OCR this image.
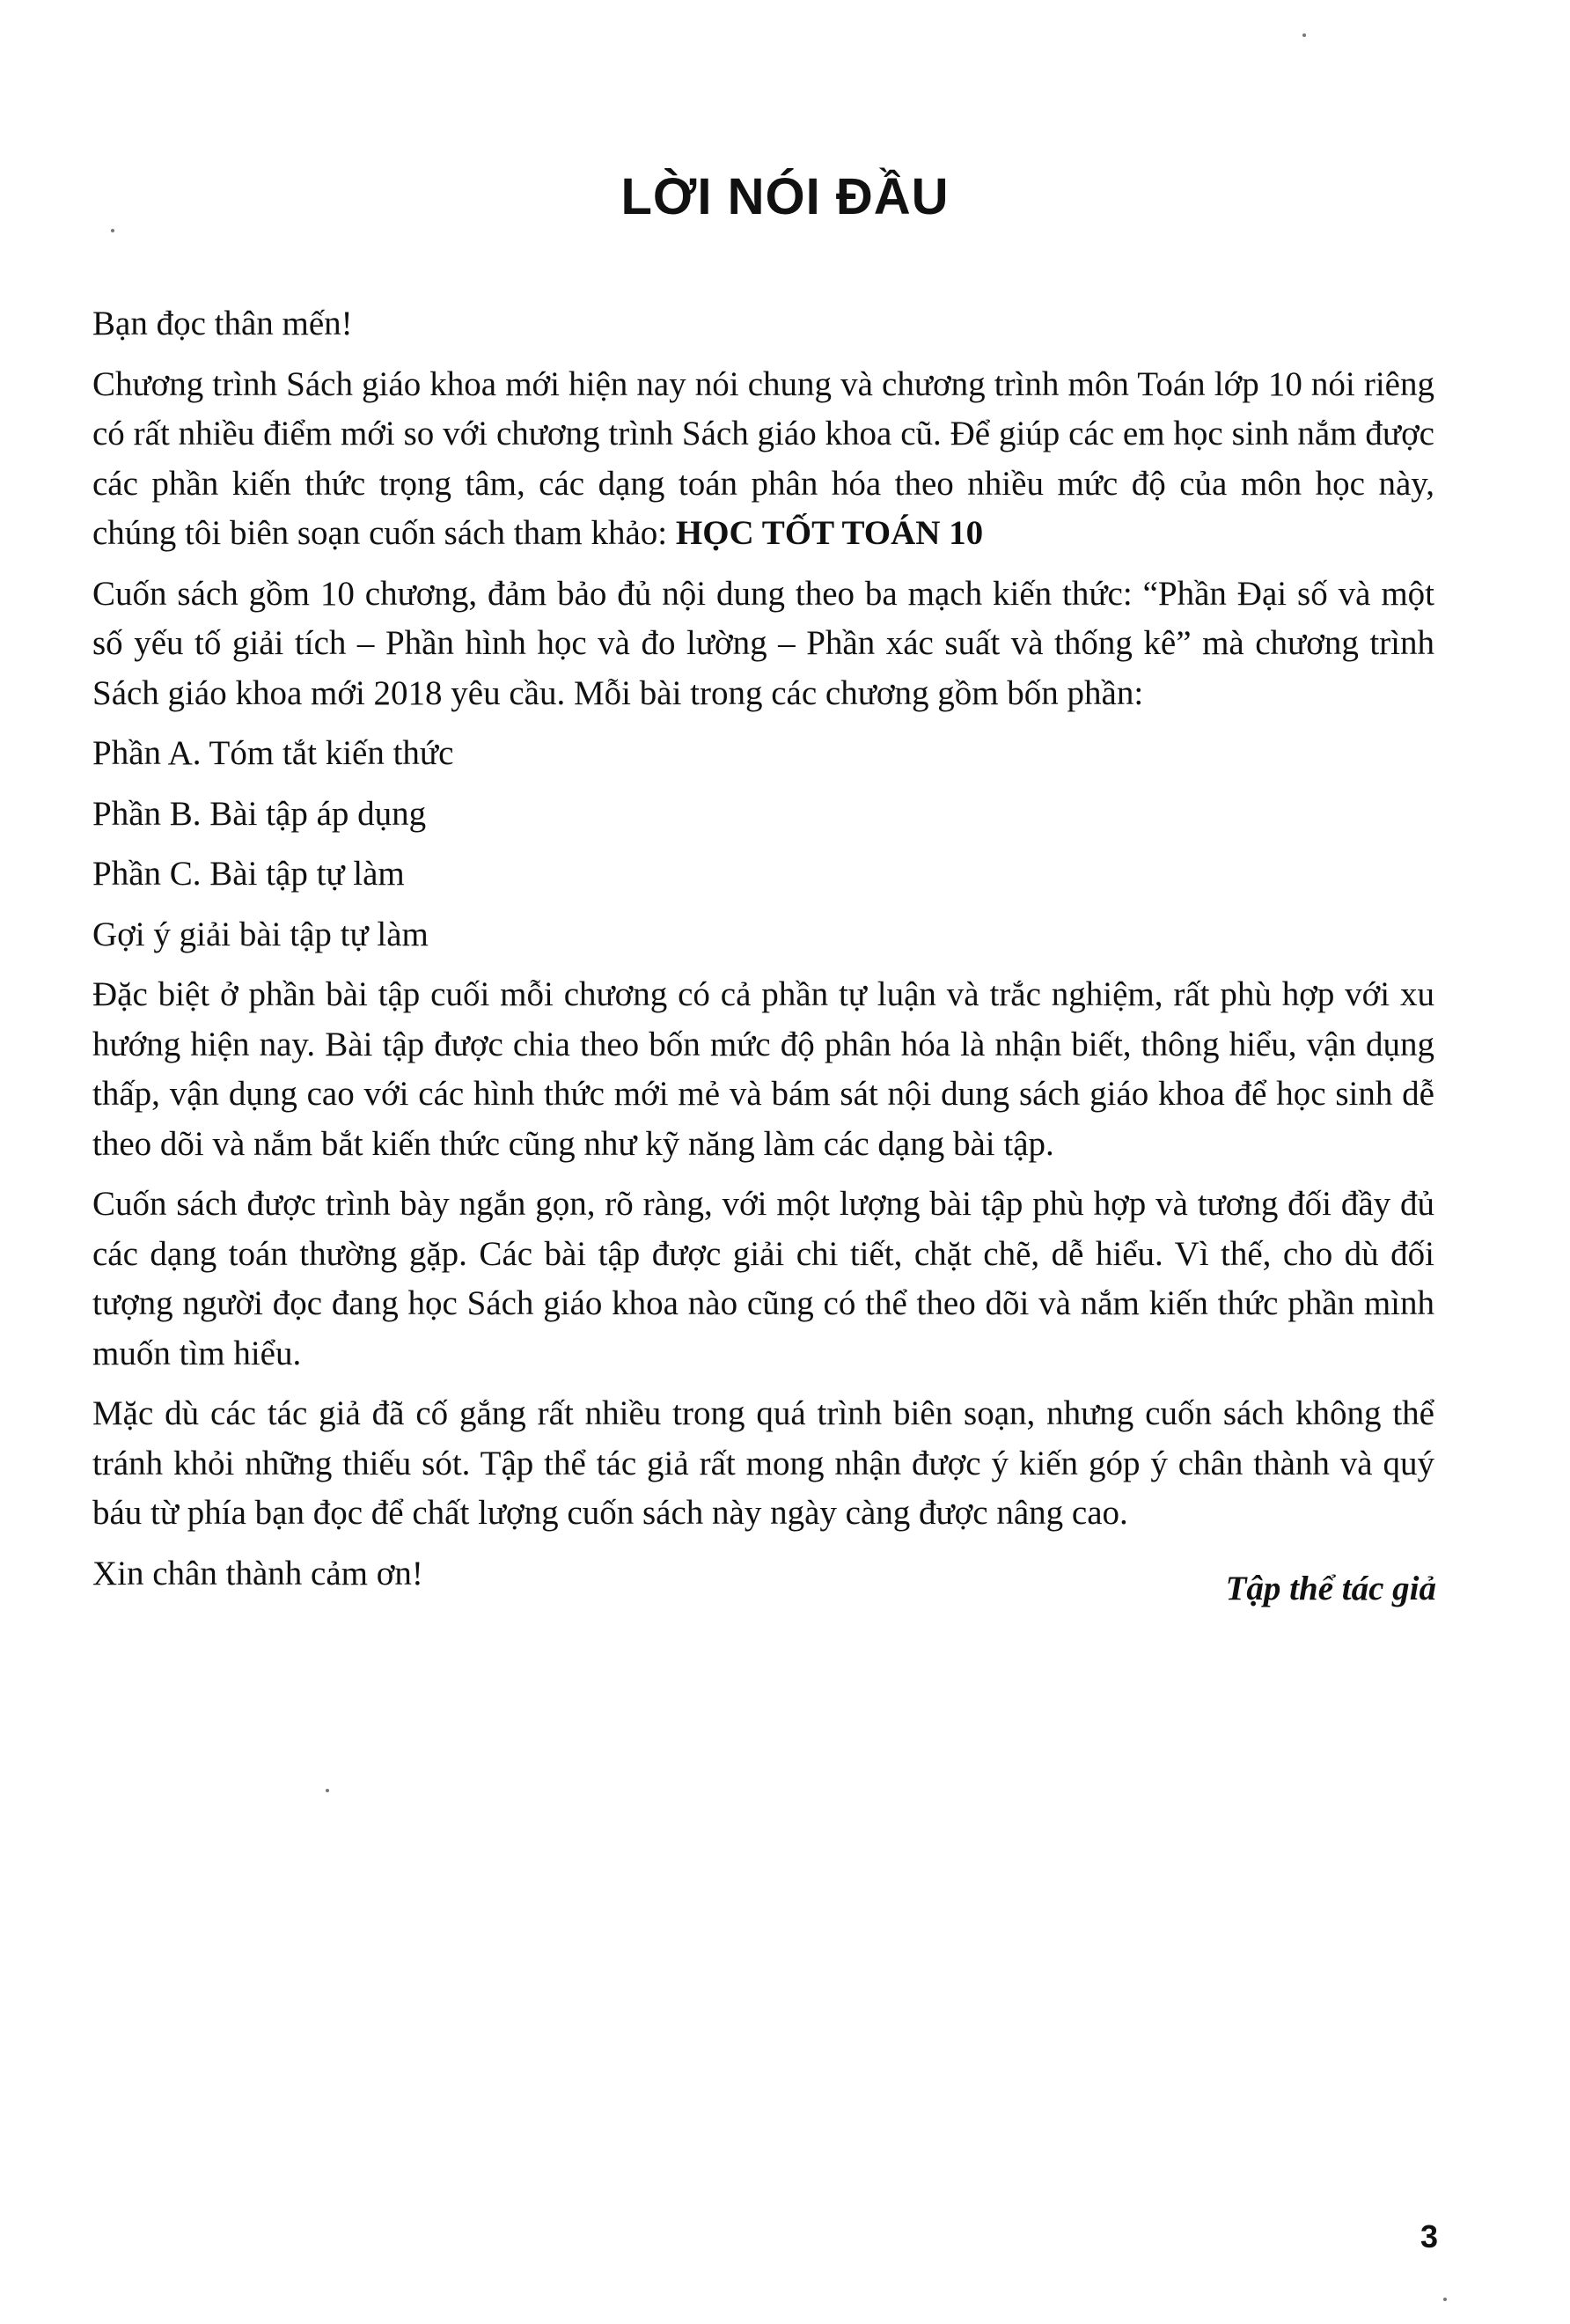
LỜI NÓI ĐẦU

Bạn đọc thân mến!

Chương trình Sách giáo khoa mới hiện nay nói chung và chương trình môn Toán lớp 10 nói riêng có rất nhiều điểm mới so với chương trình Sách giáo khoa cũ. Để giúp các em học sinh nắm được các phần kiến thức trọng tâm, các dạng toán phân hóa theo nhiều mức độ của môn học này, chúng tôi biên soạn cuốn sách tham khảo: HỌC TỐT TOÁN 10

Cuốn sách gồm 10 chương, đảm bảo đủ nội dung theo ba mạch kiến thức: “Phần Đại số và một số yếu tố giải tích – Phần hình học và đo lường – Phần xác suất và thống kê” mà chương trình Sách giáo khoa mới 2018 yêu cầu. Mỗi bài trong các chương gồm bốn phần:

Phần A. Tóm tắt kiến thức

Phần B. Bài tập áp dụng

Phần C. Bài tập tự làm

Gợi ý giải bài tập tự làm

Đặc biệt ở phần bài tập cuối mỗi chương có cả phần tự luận và trắc nghiệm, rất phù hợp với xu hướng hiện nay. Bài tập được chia theo bốn mức độ phân hóa là nhận biết, thông hiểu, vận dụng thấp, vận dụng cao với các hình thức mới mẻ và bám sát nội dung sách giáo khoa để học sinh dễ theo dõi và nắm bắt kiến thức cũng như kỹ năng làm các dạng bài tập.

Cuốn sách được trình bày ngắn gọn, rõ ràng, với một lượng bài tập phù hợp và tương đối đầy đủ các dạng toán thường gặp. Các bài tập được giải chi tiết, chặt chẽ, dễ hiểu. Vì thế, cho dù đối tượng người đọc đang học Sách giáo khoa nào cũng có thể theo dõi và nắm kiến thức phần mình muốn tìm hiểu.

Mặc dù các tác giả đã cố gắng rất nhiều trong quá trình biên soạn, nhưng cuốn sách không thể tránh khỏi những thiếu sót. Tập thể tác giả rất mong nhận được ý kiến góp ý chân thành và quý báu từ phía bạn đọc để chất lượng cuốn sách này ngày càng được nâng cao.

Xin chân thành cảm ơn!	Tập thể tác giả

3
